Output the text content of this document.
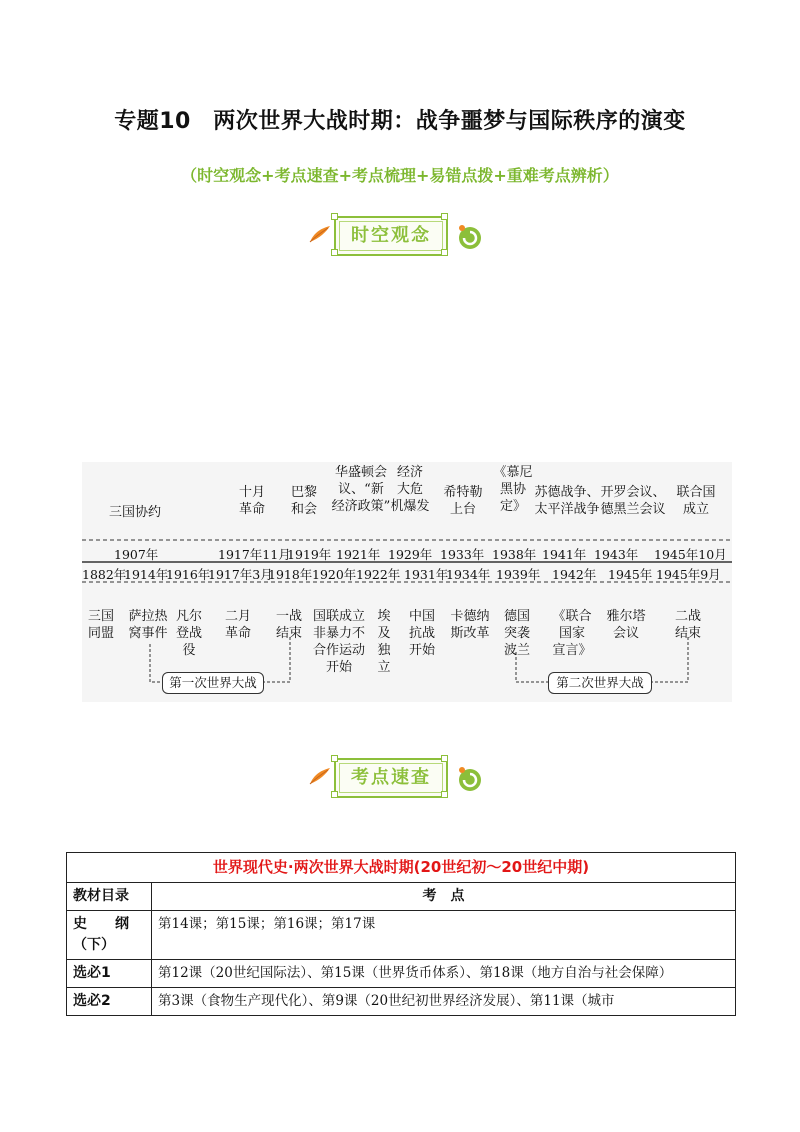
专题10　两次世界大战时期：战争噩梦与国际秩序的演变
（时空观念+考点速查+考点梳理+易错点拨+重难考点辨析）
时空观念
三国协约
十月
革命
巴黎
和会
华盛顿会
议、“新
经济政策”
经济
大危
机爆发
希特勒
上台
《慕尼
黑协
定》
苏德战争、
太平洋战争
开罗会议、
德黑兰会议
联合国
成立
1907年	1917年11月
1919年 1921年 1929年 1933年 1938年 1941年 1943年 1945年10月
1882年
1914年
1916年
1917年3月
1918年 1920年 1922年 1931年
1934年 1939年 1942年 1945年 1945年9月
三国
同盟
萨拉热
窝事件
凡尔
登战
役
二月
革命
一战
结束
国联成立
非暴力不
合作运动
开始
埃
及
独
立
中国
抗战
开始
卡德纳
斯改革
德国
突袭
波兰
《联合
国家
宣言》
雅尔塔
会议
二战
结束
第一次世界大战	第二次世界大战
考点速查
世界现代史·两次世界大战时期(20世纪初～20世纪中期)	
教材目录	考　点
史　　纲
（下）	第14课；第15课；第16课；第17课
选必1	第12课（20世纪国际法）、第15课（世界货币体系）、第18课（地方自治与社会保障）
选必2	第3课（食物生产现代化）、第9课（20世纪初世界经济发展）、第11课（城市
